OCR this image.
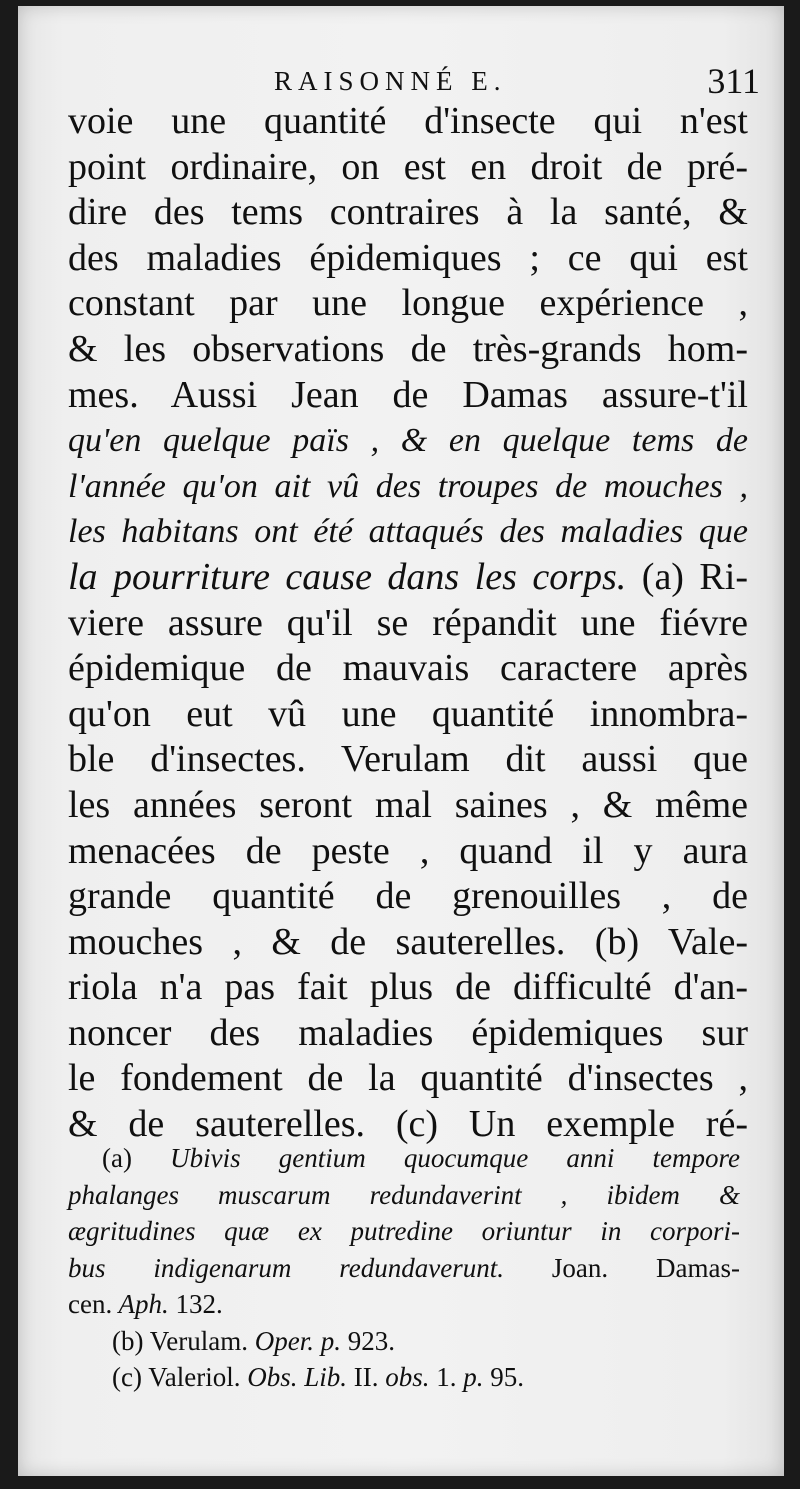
RAISONNÉ E.	311
voie une quantité d'insecte qui n'est
point ordinaire, on est en droit de pré-
dire des tems contraires à la santé, &
des maladies épidemiques ; ce qui est
constant par une longue expérience ,
& les observations de très-grands hom-
mes. Aussi Jean de Damas assure-t'il
qu'en quelque païs , & en quelque tems de
l'année qu'on ait vû des troupes de mouches ,
les habitans ont été attaqués des maladies que
la pourriture cause dans les corps. (a) Ri-
viere assure qu'il se répandit une fiévre
épidemique de mauvais caractere après
qu'on eut vû une quantité innombra-
ble d'insectes. Verulam dit aussi que
les années seront mal saines , & même
menacées de peste , quand il y aura
grande quantité de grenouilles , de
mouches , & de sauterelles. (b) Vale-
riola n'a pas fait plus de difficulté d'an-
noncer des maladies épidemiques sur
le fondement de la quantité d'insectes ,
& de sauterelles. (c) Un exemple ré-
(a) Ubivis gentium quocumque anni tempore
phalanges muscarum redundaverint , ibidem &
ægritudines quæ ex putredine oriuntur in corpori-
bus indigenarum redundaverunt. Joan. Damas-
cen. Aph. 132.
(b) Verulam. Oper. p. 923.
(c) Valeriol. Obs. Lib. II. obs. 1. p. 95.
